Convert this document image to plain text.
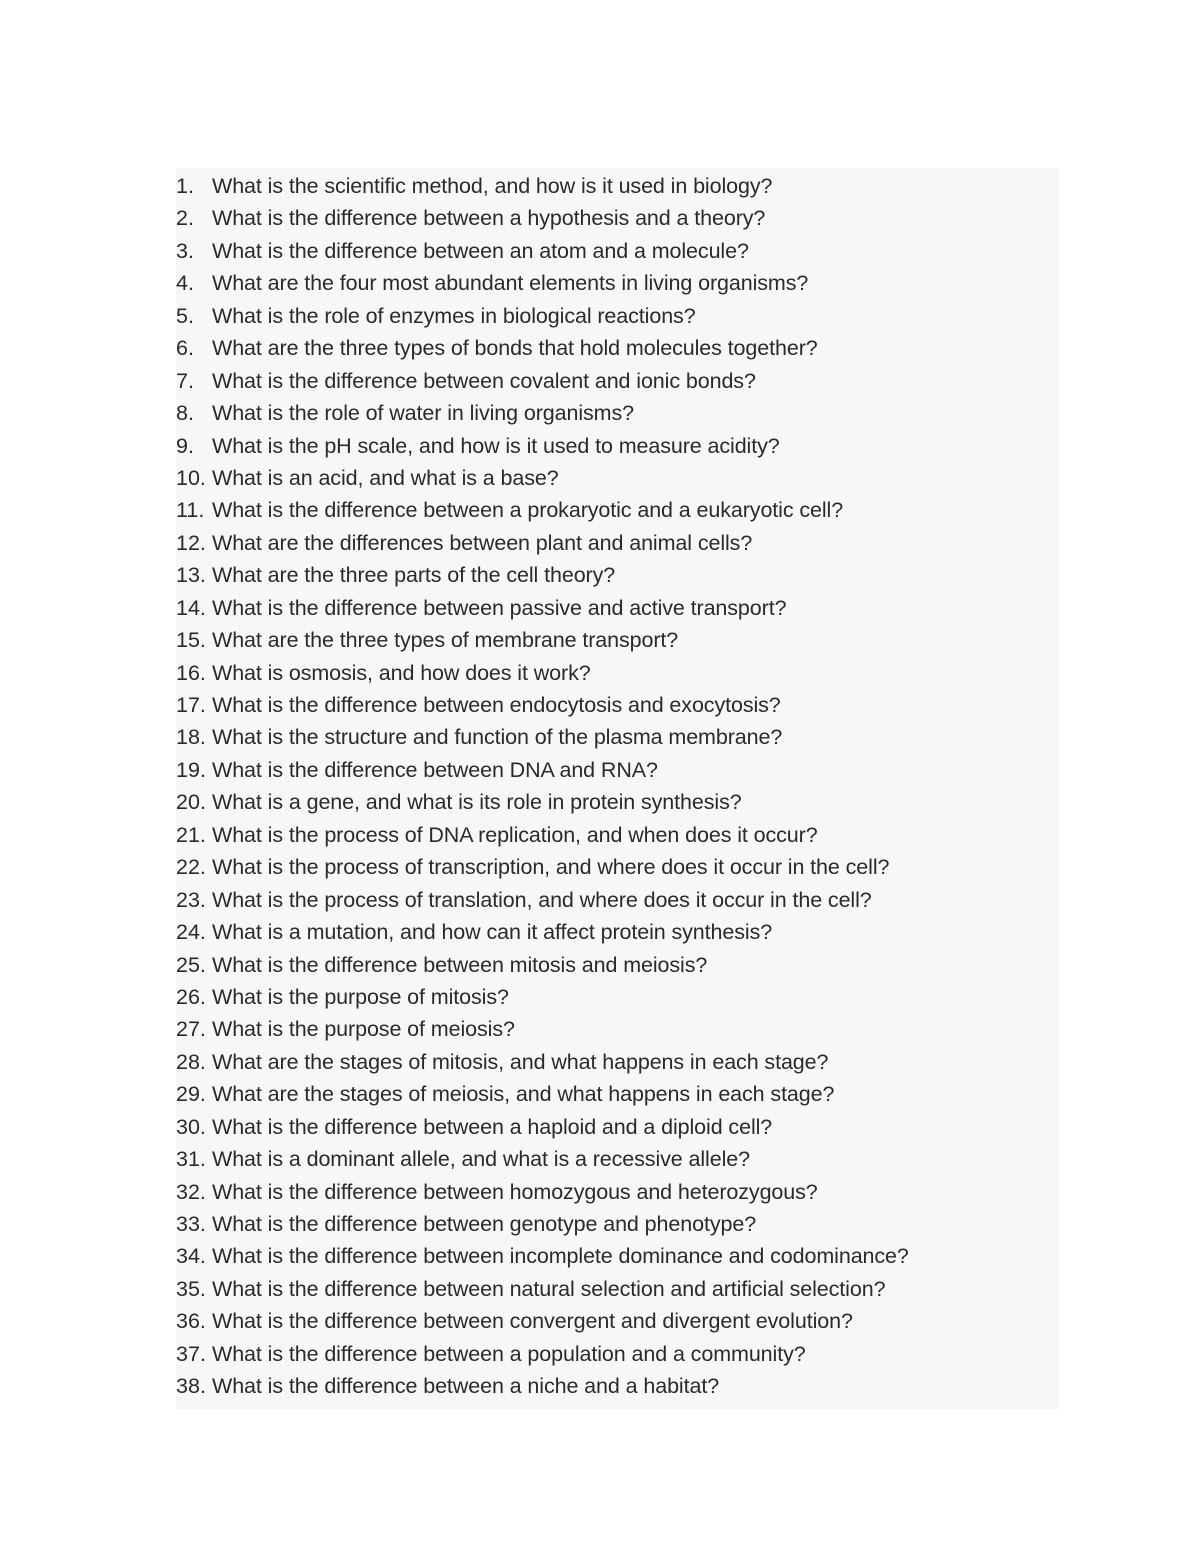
1. What is the scientific method, and how is it used in biology?
2. What is the difference between a hypothesis and a theory?
3. What is the difference between an atom and a molecule?
4. What are the four most abundant elements in living organisms?
5. What is the role of enzymes in biological reactions?
6. What are the three types of bonds that hold molecules together?
7. What is the difference between covalent and ionic bonds?
8. What is the role of water in living organisms?
9. What is the pH scale, and how is it used to measure acidity?
10. What is an acid, and what is a base?
11. What is the difference between a prokaryotic and a eukaryotic cell?
12. What are the differences between plant and animal cells?
13. What are the three parts of the cell theory?
14. What is the difference between passive and active transport?
15. What are the three types of membrane transport?
16. What is osmosis, and how does it work?
17. What is the difference between endocytosis and exocytosis?
18. What is the structure and function of the plasma membrane?
19. What is the difference between DNA and RNA?
20. What is a gene, and what is its role in protein synthesis?
21. What is the process of DNA replication, and when does it occur?
22. What is the process of transcription, and where does it occur in the cell?
23. What is the process of translation, and where does it occur in the cell?
24. What is a mutation, and how can it affect protein synthesis?
25. What is the difference between mitosis and meiosis?
26. What is the purpose of mitosis?
27. What is the purpose of meiosis?
28. What are the stages of mitosis, and what happens in each stage?
29. What are the stages of meiosis, and what happens in each stage?
30. What is the difference between a haploid and a diploid cell?
31. What is a dominant allele, and what is a recessive allele?
32. What is the difference between homozygous and heterozygous?
33. What is the difference between genotype and phenotype?
34. What is the difference between incomplete dominance and codominance?
35. What is the difference between natural selection and artificial selection?
36. What is the difference between convergent and divergent evolution?
37. What is the difference between a population and a community?
38. What is the difference between a niche and a habitat?
